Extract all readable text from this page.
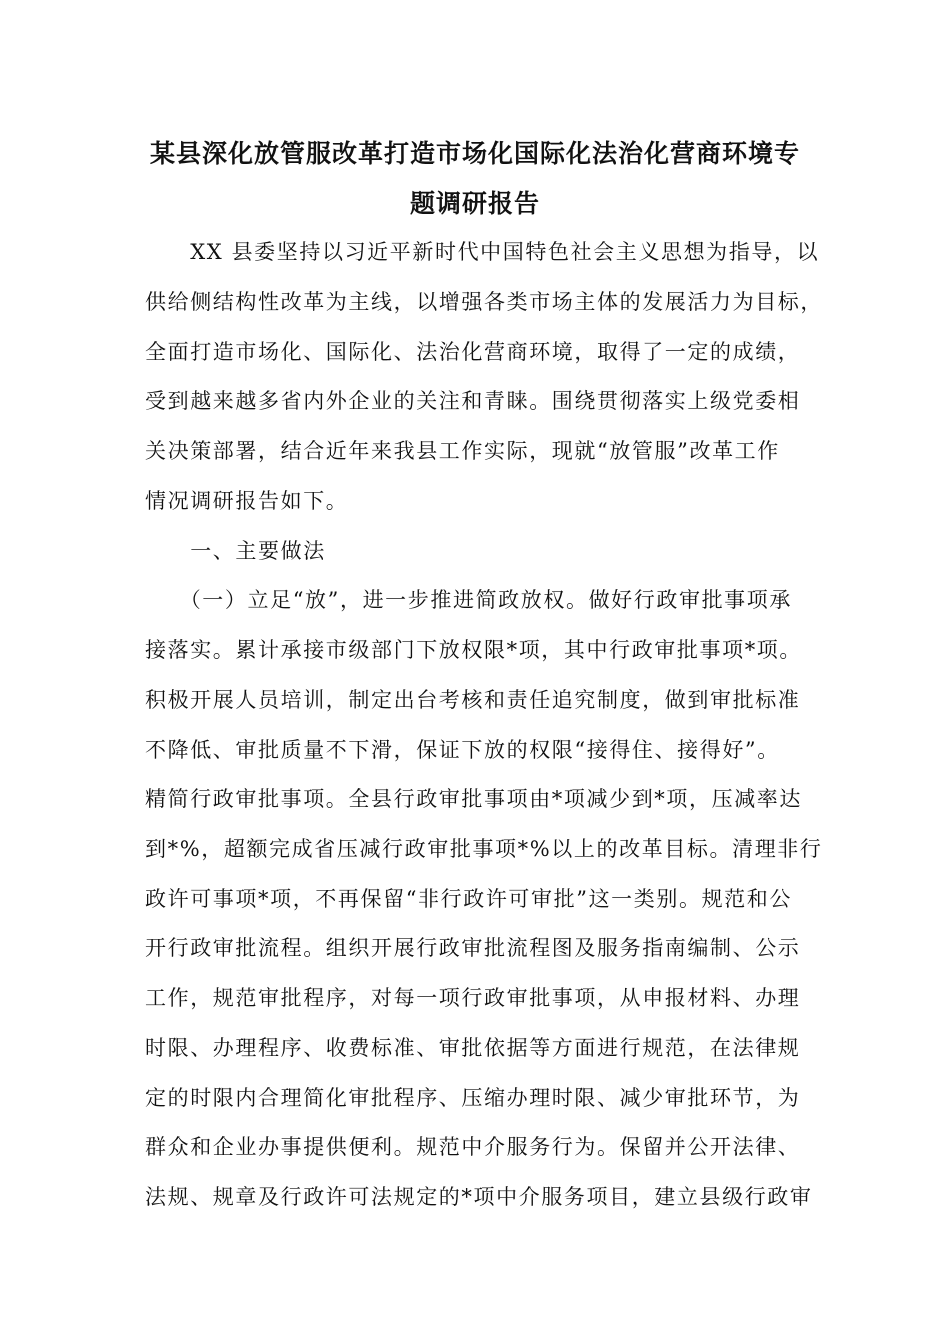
某县深化放管服改革打造市场化国际化法治化营商环境专
题调研报告
　　XX 县委坚持以习近平新时代中国特色社会主义思想为指导，以
供给侧结构性改革为主线，以增强各类市场主体的发展活力为目标，
全面打造市场化、国际化、法治化营商环境，取得了一定的成绩，
受到越来越多省内外企业的关注和青睐。围绕贯彻落实上级党委相
关决策部署，结合近年来我县工作实际，现就“放管服”改革工作
情况调研报告如下。
　　一、主要做法
　　（一）立足“放”，进一步推进简政放权。做好行政审批事项承
接落实。累计承接市级部门下放权限*项，其中行政审批事项*项。
积极开展人员培训，制定出台考核和责任追究制度，做到审批标准
不降低、审批质量不下滑，保证下放的权限“接得住、接得好”。
精简行政审批事项。全县行政审批事项由*项减少到*项，压减率达
到*%，超额完成省压减行政审批事项*%以上的改革目标。清理非行
政许可事项*项，不再保留“非行政许可审批”这一类别。规范和公
开行政审批流程。组织开展行政审批流程图及服务指南编制、公示
工作，规范审批程序，对每一项行政审批事项，从申报材料、办理
时限、办理程序、收费标准、审批依据等方面进行规范，在法律规
定的时限内合理简化审批程序、压缩办理时限、减少审批环节，为
群众和企业办事提供便利。规范中介服务行为。保留并公开法律、
法规、规章及行政许可法规定的*项中介服务项目，建立县级行政审
